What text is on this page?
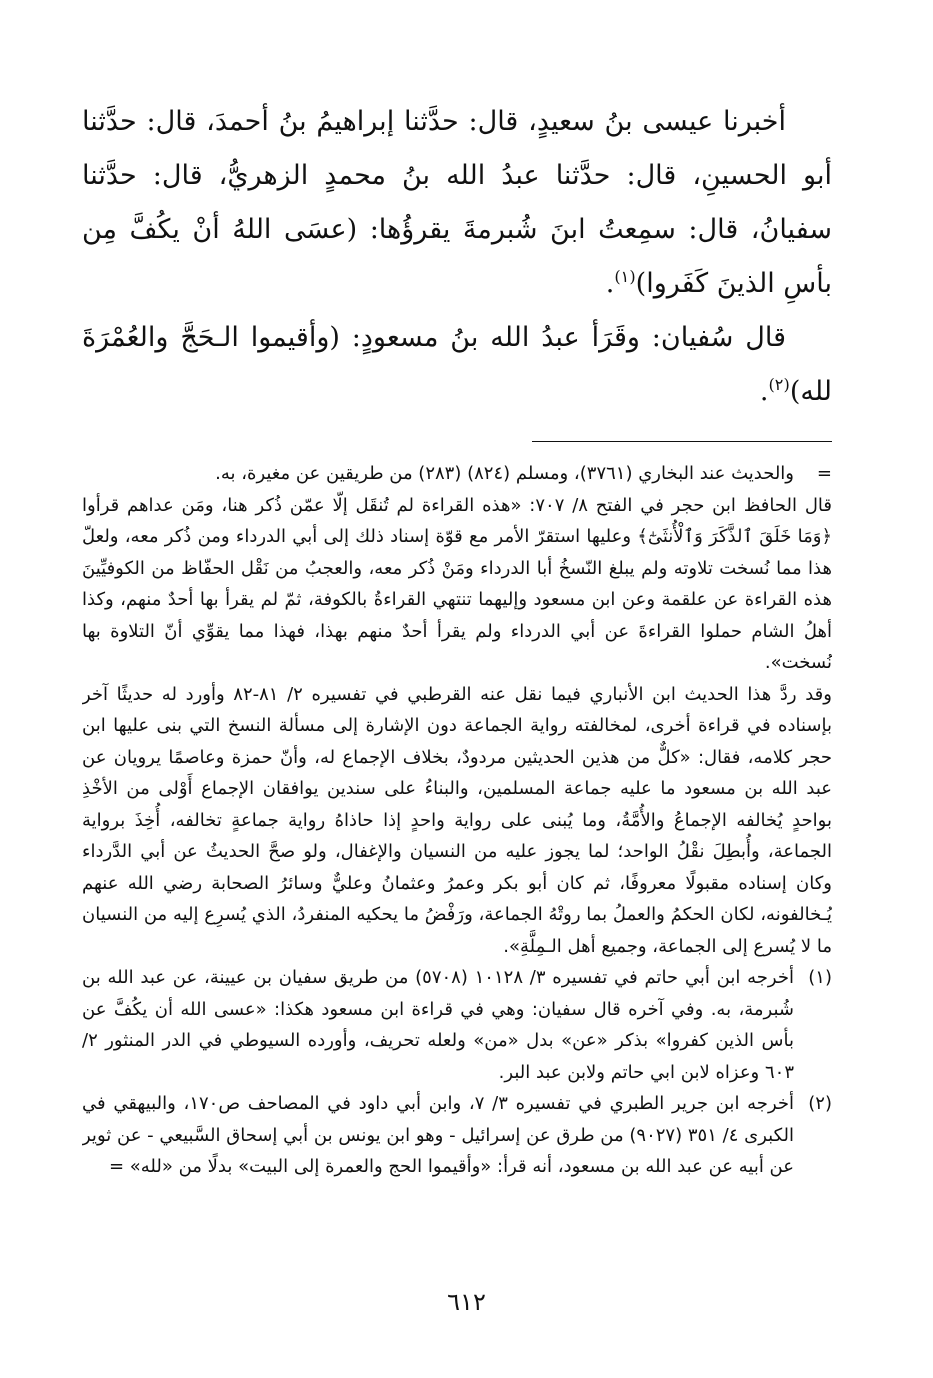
أخبرنا عيسى بنُ سعيدٍ، قال: حدَّثنا إبراهيمُ بنُ أحمدَ، قال: حدَّثنا أبو الحسينِ، قال: حدَّثنا عبدُ الله بنُ محمدٍ الزهريُّ، قال: حدَّثنا سفيانُ، قال: سمِعتُ ابنَ شُبرمةَ يقرؤُها: (عسَى اللهُ أنْ يكُفَّ مِن بأسِ الذينَ كَفَروا)$^{(١)}$.

قال سُفيان: وقَرَأ عبدُ الله بنُ مسعودٍ: (وأقيموا الـحَجَّ والعُمْرَةَ لله)$^{(٢)}$.

=
والحديث عند البخاري (٣٧٦١)، ومسلم (٨٢٤) (٢٨٣) من طريقين عن مغيرة، به.

قال الحافظ ابن حجر في الفتح ٨/ ٧٠٧: «هذه القراءة لم تُنقَل إلّا عمّن ذُكر هنا، ومَن عداهم قرأوا ﴿وَمَا خَلَقَ ٱلذَّكَرَ وَٱلْأُنثَىٰٓ﴾ وعليها استقرّ الأمر مع قوّة إسناد ذلك إلى أبي الدرداء ومن ذُكر معه، ولعلّ هذا مما نُسخت تلاوته ولم يبلغ النّسخُ أبا الدرداء ومَنْ ذُكر معه، والعجبُ من نَقْل الحفّاظ من الكوفيِّينَ هذه القراءة عن علقمة وعن ابن مسعود وإليهما تنتهي القراءةُ بالكوفة، ثمّ لم يقرأ بها أحدٌ منهم، وكذا أهلُ الشام حملوا القراءةَ عن أبي الدرداء ولم يقرأ أحدٌ منهم بهذا، فهذا مما يقوِّي أنّ التلاوة بها نُسخت».

وقد ردَّ هذا الحديث ابن الأنباري فيما نقل عنه القرطبي في تفسيره ٢/ ٨١-٨٢ وأورد له حديثًا آخر بإسناده في قراءة أخرى، لمخالفته رواية الجماعة دون الإشارة إلى مسألة النسخ التي بنى عليها ابن حجر كلامه، فقال: «كلٌّ من هذين الحديثين مردودٌ، بخلاف الإجماع له، وأنّ حمزة وعاصمًا يرويان عن عبد الله بن مسعود ما عليه جماعة المسلمين، والبناءُ على سندين يوافقان الإجماع أَوْلى من الأخْذِ بواحدٍ يُخالفه الإجماعُ والأُمَّةُ، وما يُبنى على رواية واحدٍ إذا حاذاهُ رواية جماعةٍ تخالفه، أُخِذَ برواية الجماعة، وأُبطِلَ نقْلُ الواحد؛ لما يجوز عليه من النسيان والإغفال، ولو صحَّ الحديثُ عن أبي الدَّرداء وكان إسناده مقبولًا معروفًا، ثم كان أبو بكر وعمرُ وعثمانُ وعليٌّ وسائرُ الصحابة رضي الله عنهم يُـخالفونه، لكان الحكمُ والعملُ بما روتْهُ الجماعة، ورَفْضُ ما يحكيه المنفردُ، الذي يُسرِع إليه من النسيان ما لا يُسرع إلى الجماعة، وجميع أهل الـمِلَّةِ».

(١)
أخرجه ابن أبي حاتم في تفسيره ٣/ ١٠١٢٨ (٥٧٠٨) من طريق سفيان بن عيينة، عن عبد الله بن شُبرمة، به. وفي آخره قال سفيان: وهي في قراءة ابن مسعود هكذا: «عسى الله أن يكُفَّ عن بأس الذين كفروا» بذكر «عن» بدل «من» ولعله تحريف، وأورده السيوطي في الدر المنثور ٢/ ٦٠٣ وعزاه لابن ابي حاتم ولابن عبد البر.

(٢)
أخرجه ابن جرير الطبري في تفسيره ٣/ ٧، وابن أبي داود في المصاحف ص١٧٠، والبيهقي في الكبرى ٤/ ٣٥١ (٩٠٢٧) من طرق عن إسرائيل - وهو ابن يونس بن أبي إسحاق السَّبيعي - عن ثوير عن أبيه عن عبد الله بن مسعود، أنه قرأ: «وأقيموا الحج والعمرة إلى البيت» بدلًا من «لله» =

٦١٢
